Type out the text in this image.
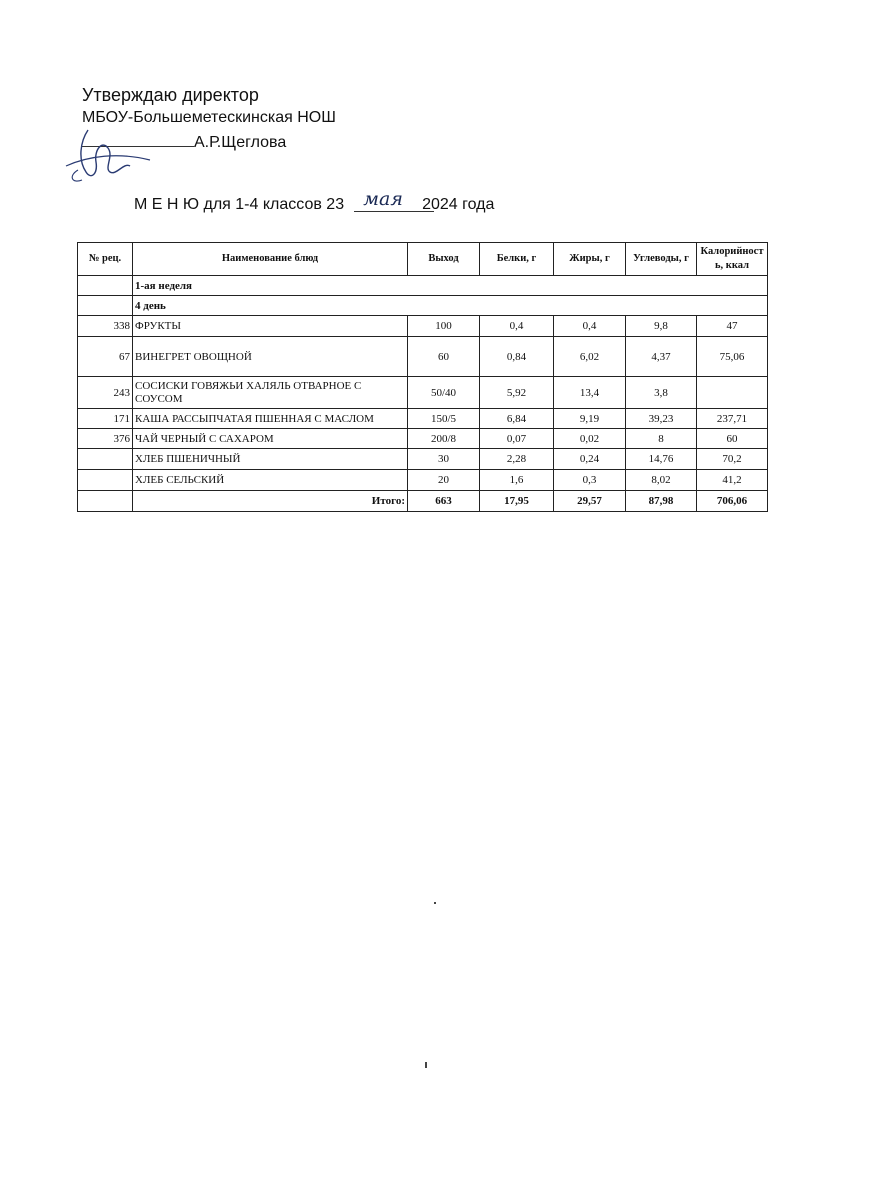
Утверждаю директор
МБОУ-Большеметескинская НОШ
А.Р.Щеглова
М Е Н Ю для 1-4 классов 23 мая 2024 года
№ рец.	Наименование блюд	Выход	Белки, г	Жиры, г	Углеводы, г	Калорийность, ккал
	1-ая неделя					
	4 день					
338	ФРУКТЫ	100	0,4	0,4	9,8	47
67	ВИНЕГРЕТ ОВОЩНОЙ	60	0,84	6,02	4,37	75,06
243	СОСИСКИ ГОВЯЖЬИ ХАЛЯЛЬ ОТВАРНОЕ С СОУСОМ	50/40	5,92	13,4	3,8	
171	КАША РАССЫПЧАТАЯ ПШЕННАЯ С МАСЛОМ	150/5	6,84	9,19	39,23	237,71
376	ЧАЙ ЧЕРНЫЙ С САХАРОМ	200/8	0,07	0,02	8	60
	ХЛЕБ ПШЕНИЧНЫЙ	30	2,28	0,24	14,76	70,2
	ХЛЕБ СЕЛЬСКИЙ	20	1,6	0,3	8,02	41,2
	Итого:	663	17,95	29,57	87,98	706,06
